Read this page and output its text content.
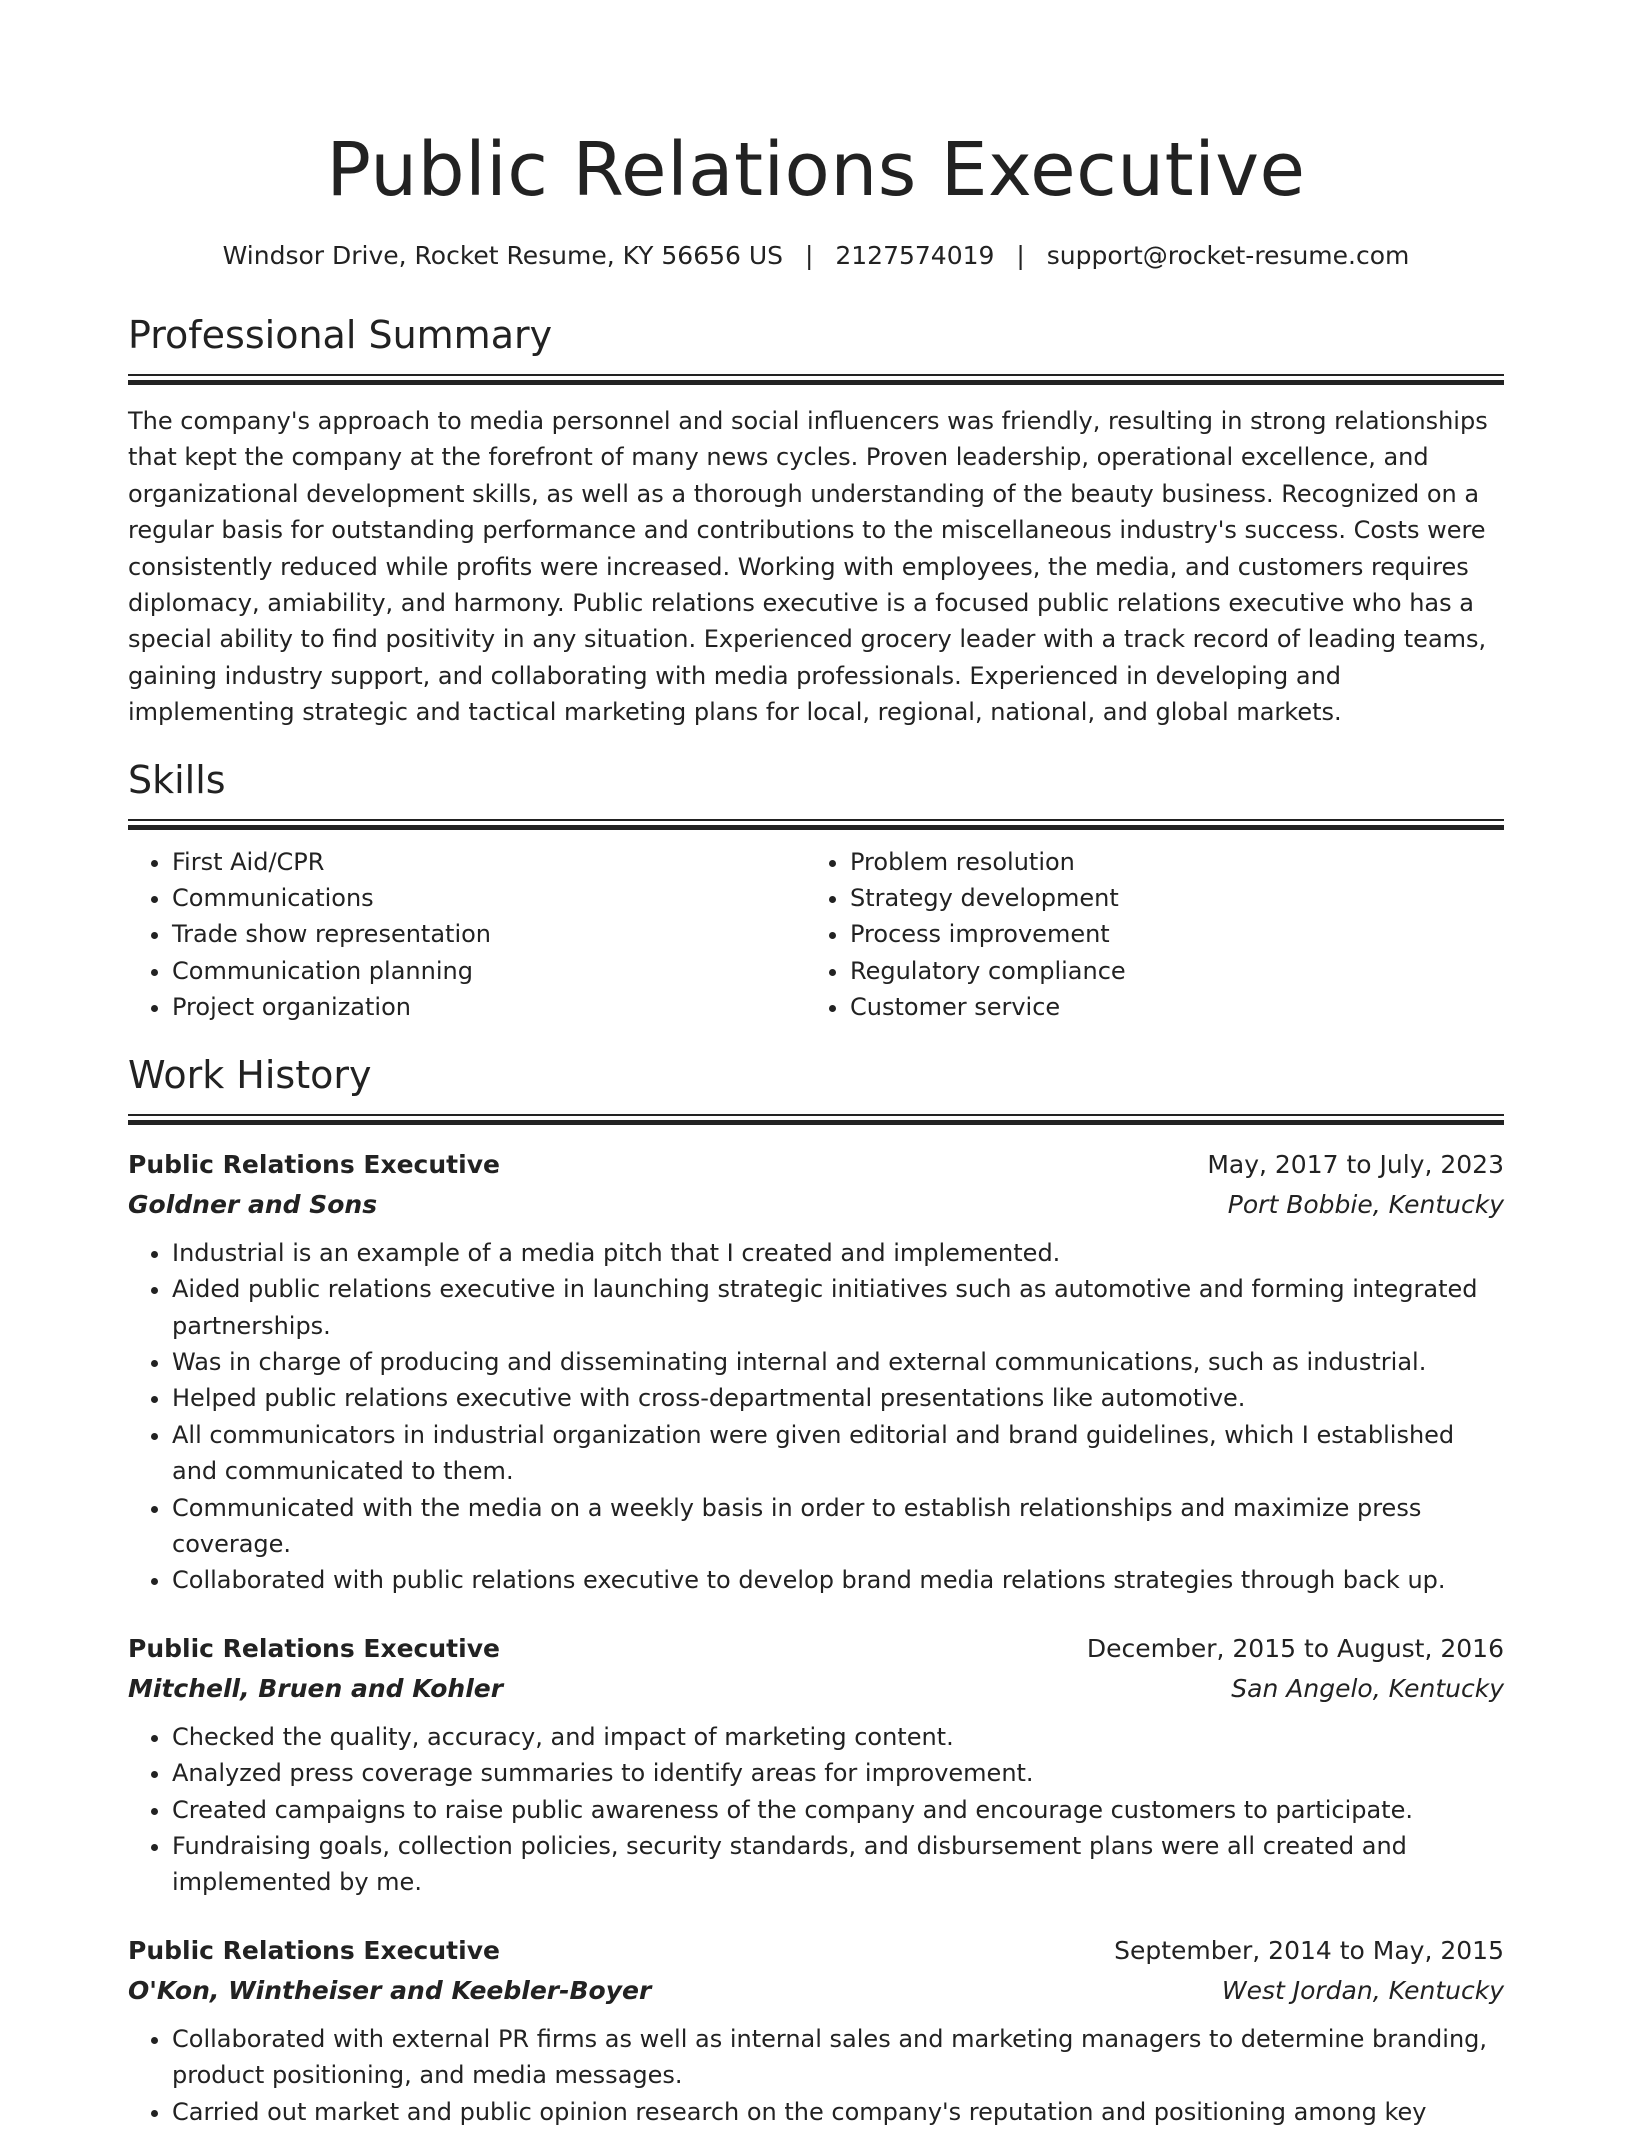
Public Relations Executive
Windsor Drive, Rocket Resume, KY 56656 US | 2127574019 | support@rocket-resume.com
Professional Summary

The company's approach to media personnel and social influencers was friendly, resulting in strong relationships that kept the company at the forefront of many news cycles. Proven leadership, operational excellence, and organizational development skills, as well as a thorough understanding of the beauty business. Recognized on a regular basis for outstanding performance and contributions to the miscellaneous industry's success. Costs were consistently reduced while profits were increased. Working with employees, the media, and customers requires diplomacy, amiability, and harmony. Public relations executive is a focused public relations executive who has a special ability to find positivity in any situation. Experienced grocery leader with a track record of leading teams, gaining industry support, and collaborating with media professionals. Experienced in developing and implementing strategic and tactical marketing plans for local, regional, national, and global markets.

Skills
• First Aid/CPR
• Communications
• Trade show representation
• Communication planning
• Project organization
• Problem resolution
• Strategy development
• Process improvement
• Regulatory compliance
• Customer service
Work History
Public Relations Executive	May, 2017 to July, 2023
Goldner and Sons	Port Bobbie, Kentucky
• Industrial is an example of a media pitch that I created and implemented.
• Aided public relations executive in launching strategic initiatives such as automotive and forming integrated partnerships.
• Was in charge of producing and disseminating internal and external communications, such as industrial.
• Helped public relations executive with cross-departmental presentations like automotive.
• All communicators in industrial organization were given editorial and brand guidelines, which I established and communicated to them.
• Communicated with the media on a weekly basis in order to establish relationships and maximize press coverage.
• Collaborated with public relations executive to develop brand media relations strategies through back up.
Public Relations Executive	December, 2015 to August, 2016
Mitchell, Bruen and Kohler	San Angelo, Kentucky
• Checked the quality, accuracy, and impact of marketing content.
• Analyzed press coverage summaries to identify areas for improvement.
• Created campaigns to raise public awareness of the company and encourage customers to participate.
• Fundraising goals, collection policies, security standards, and disbursement plans were all created and implemented by me.
Public Relations Executive	September, 2014 to May, 2015
O'Kon, Wintheiser and Keebler-Boyer	West Jordan, Kentucky
• Collaborated with external PR firms as well as internal sales and marketing managers to determine branding, product positioning, and media messages.
• Carried out market and public opinion research on the company's reputation and positioning among key
